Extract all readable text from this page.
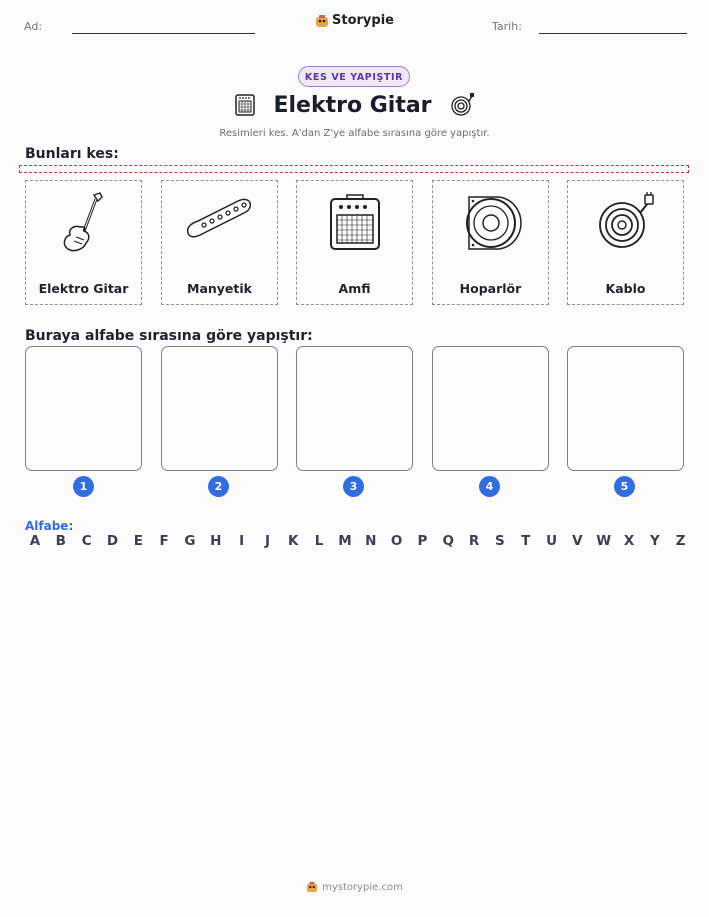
Ad:	Storypie	Tarih:
KES VE YAPIŞTIR
Elektro Gitar
Resimleri kes. A'dan Z'ye alfabe sırasına göre yapıştır.
Bunları kes:
Elektro Gitar	Manyetik	Amfi	Hoparlör	Kablo
Buraya alfabe sırasına göre yapıştır:
1	2	3	4	5
Alfabe:
A B C D E F G H	I	J	K L M N O P Q R S T U V W X Y Z
mystorypie.com
